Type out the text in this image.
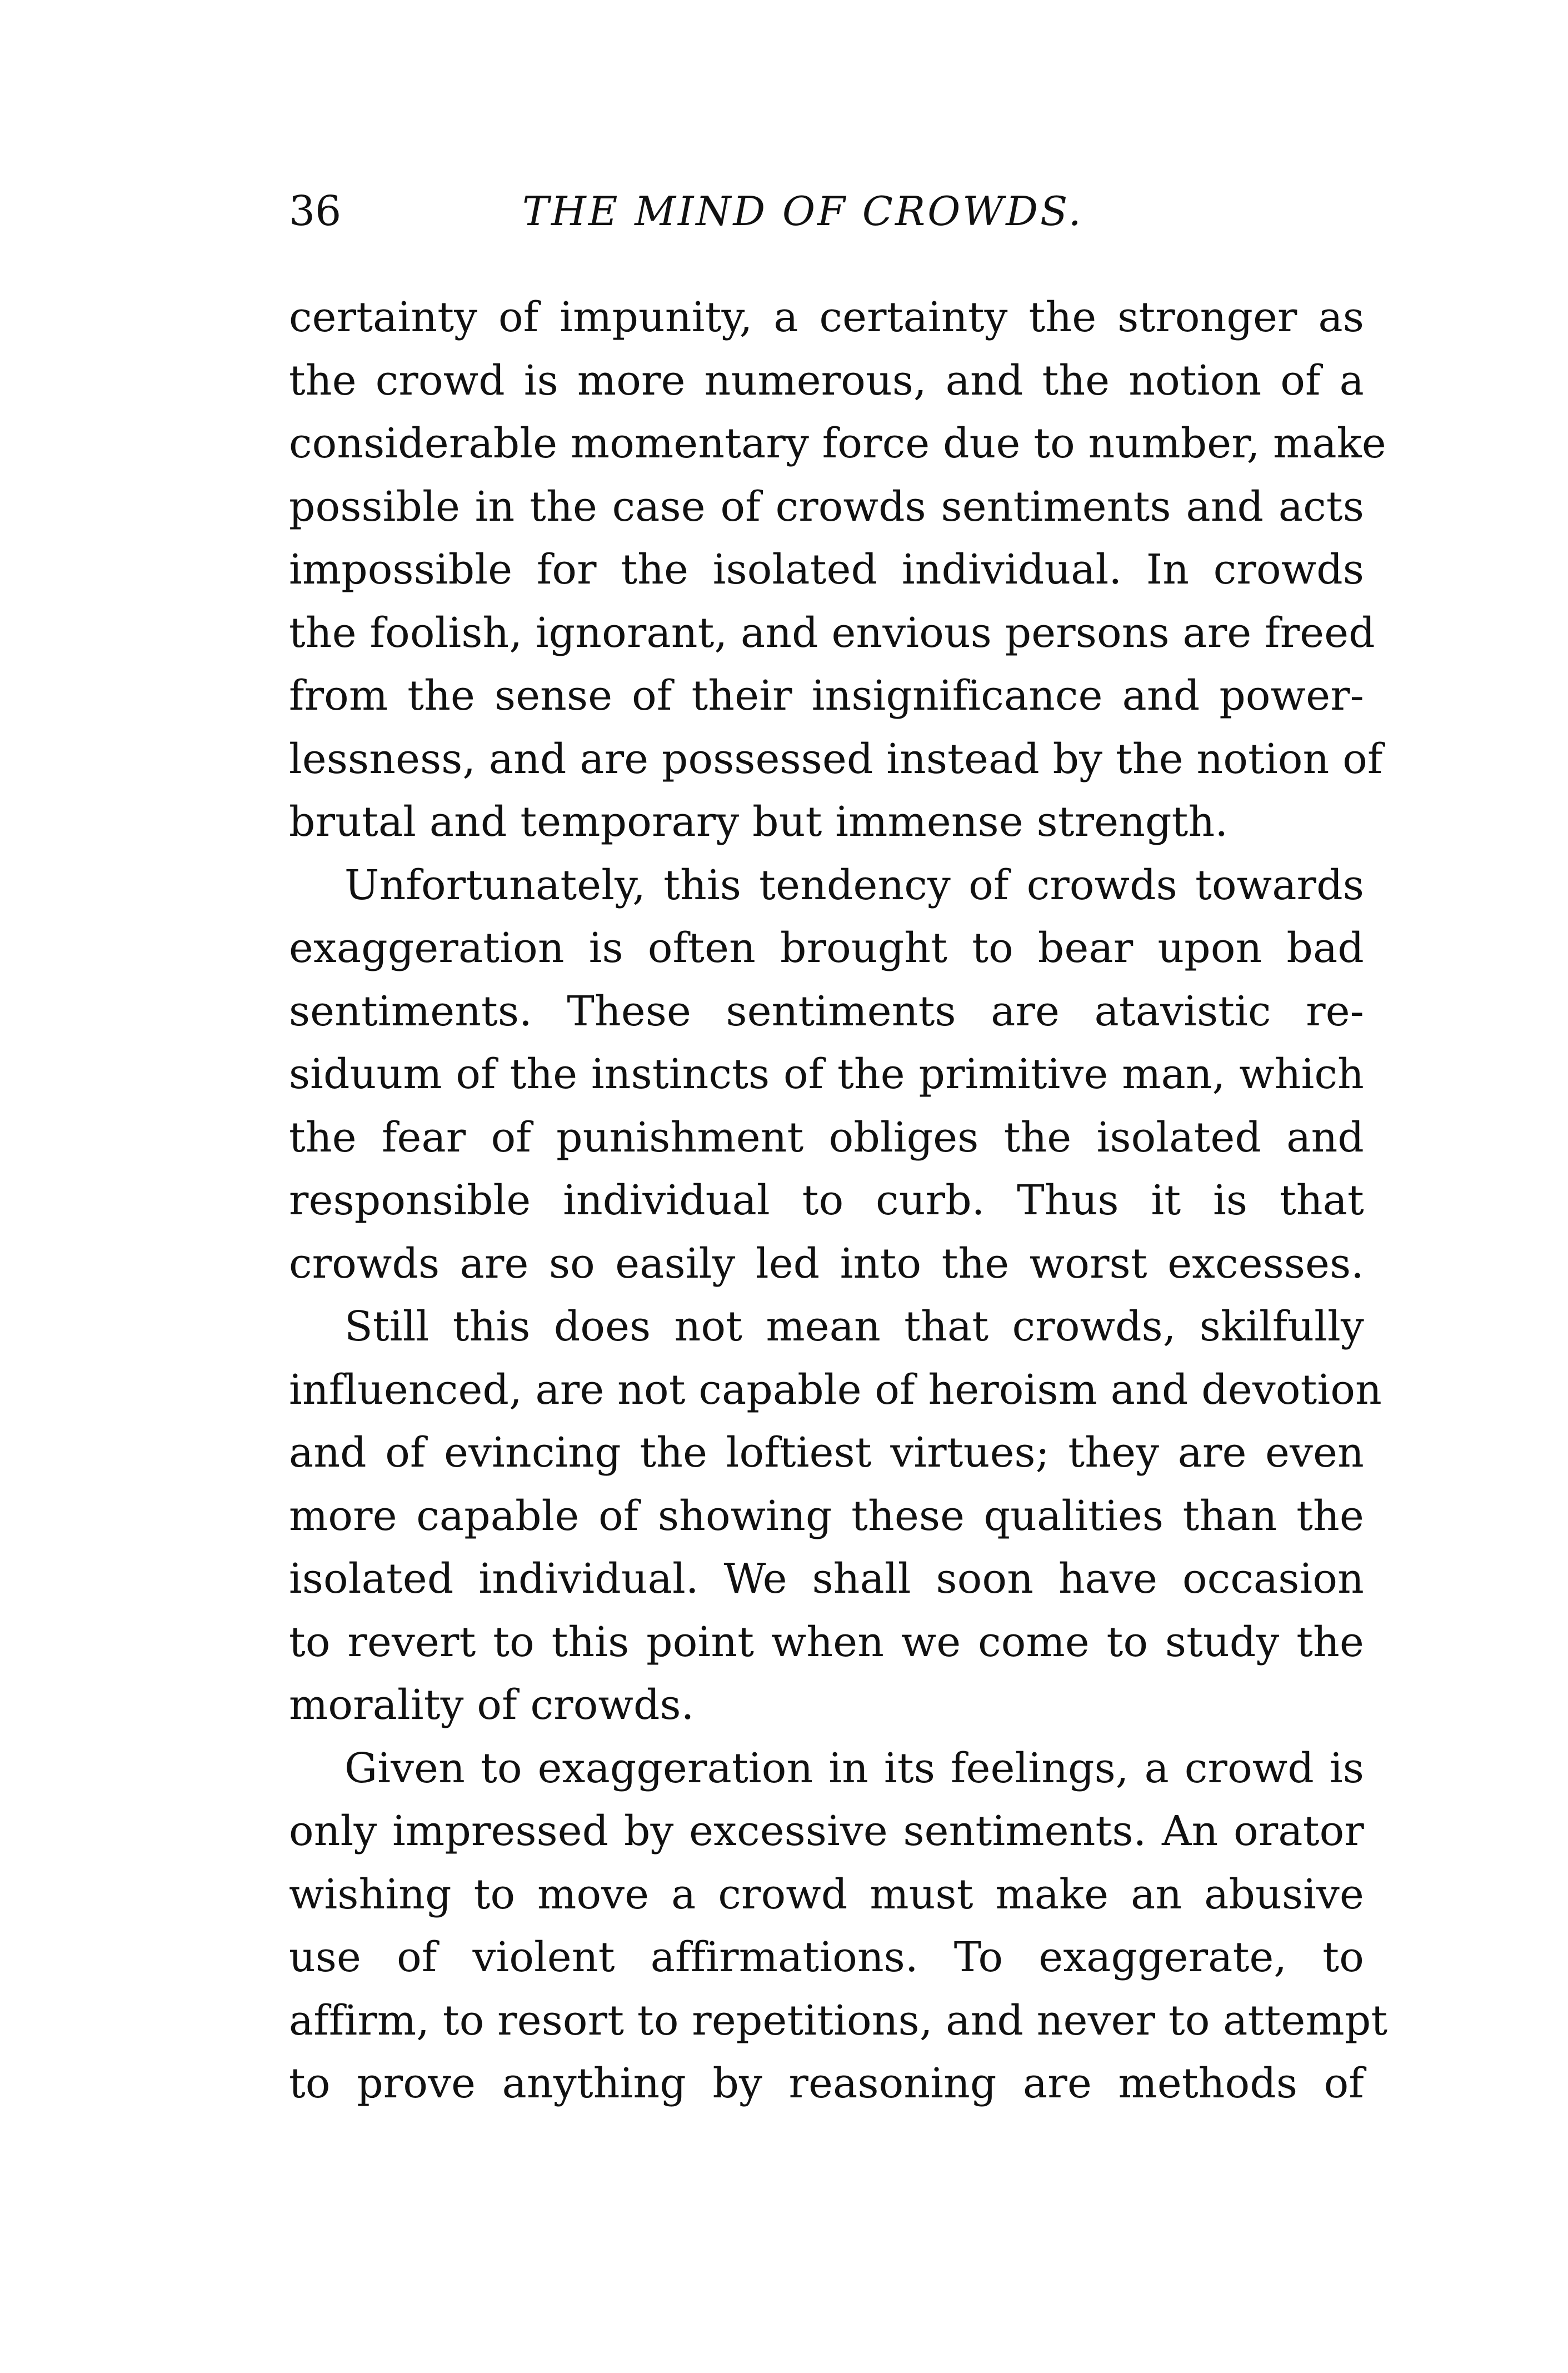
36	THE MIND OF CROWDS.
certainty of impunity, a certainty the stronger as
the crowd is more numerous, and the notion of a
considerable momentary force due to number, make
possible in the case of crowds sentiments and acts
impossible for the isolated individual. In crowds
the foolish, ignorant, and envious persons are freed
from the sense of their insignificance and power-
lessness, and are possessed instead by the notion of
brutal and temporary but immense strength.
Unfortunately, this tendency of crowds towards
exaggeration is often brought to bear upon bad
sentiments. These sentiments are atavistic re-
siduum of the instincts of the primitive man, which
the fear of punishment obliges the isolated and
responsible individual to curb. Thus it is that
crowds are so easily led into the worst excesses.
Still this does not mean that crowds, skilfully
influenced, are not capable of heroism and devotion
and of evincing the loftiest virtues; they are even
more capable of showing these qualities than the
isolated individual. We shall soon have occasion
to revert to this point when we come to study the
morality of crowds.
Given to exaggeration in its feelings, a crowd is
only impressed by excessive sentiments. An orator
wishing to move a crowd must make an abusive
use of violent affirmations. To exaggerate, to
affirm, to resort to repetitions, and never to attempt
to prove anything by reasoning are methods of
